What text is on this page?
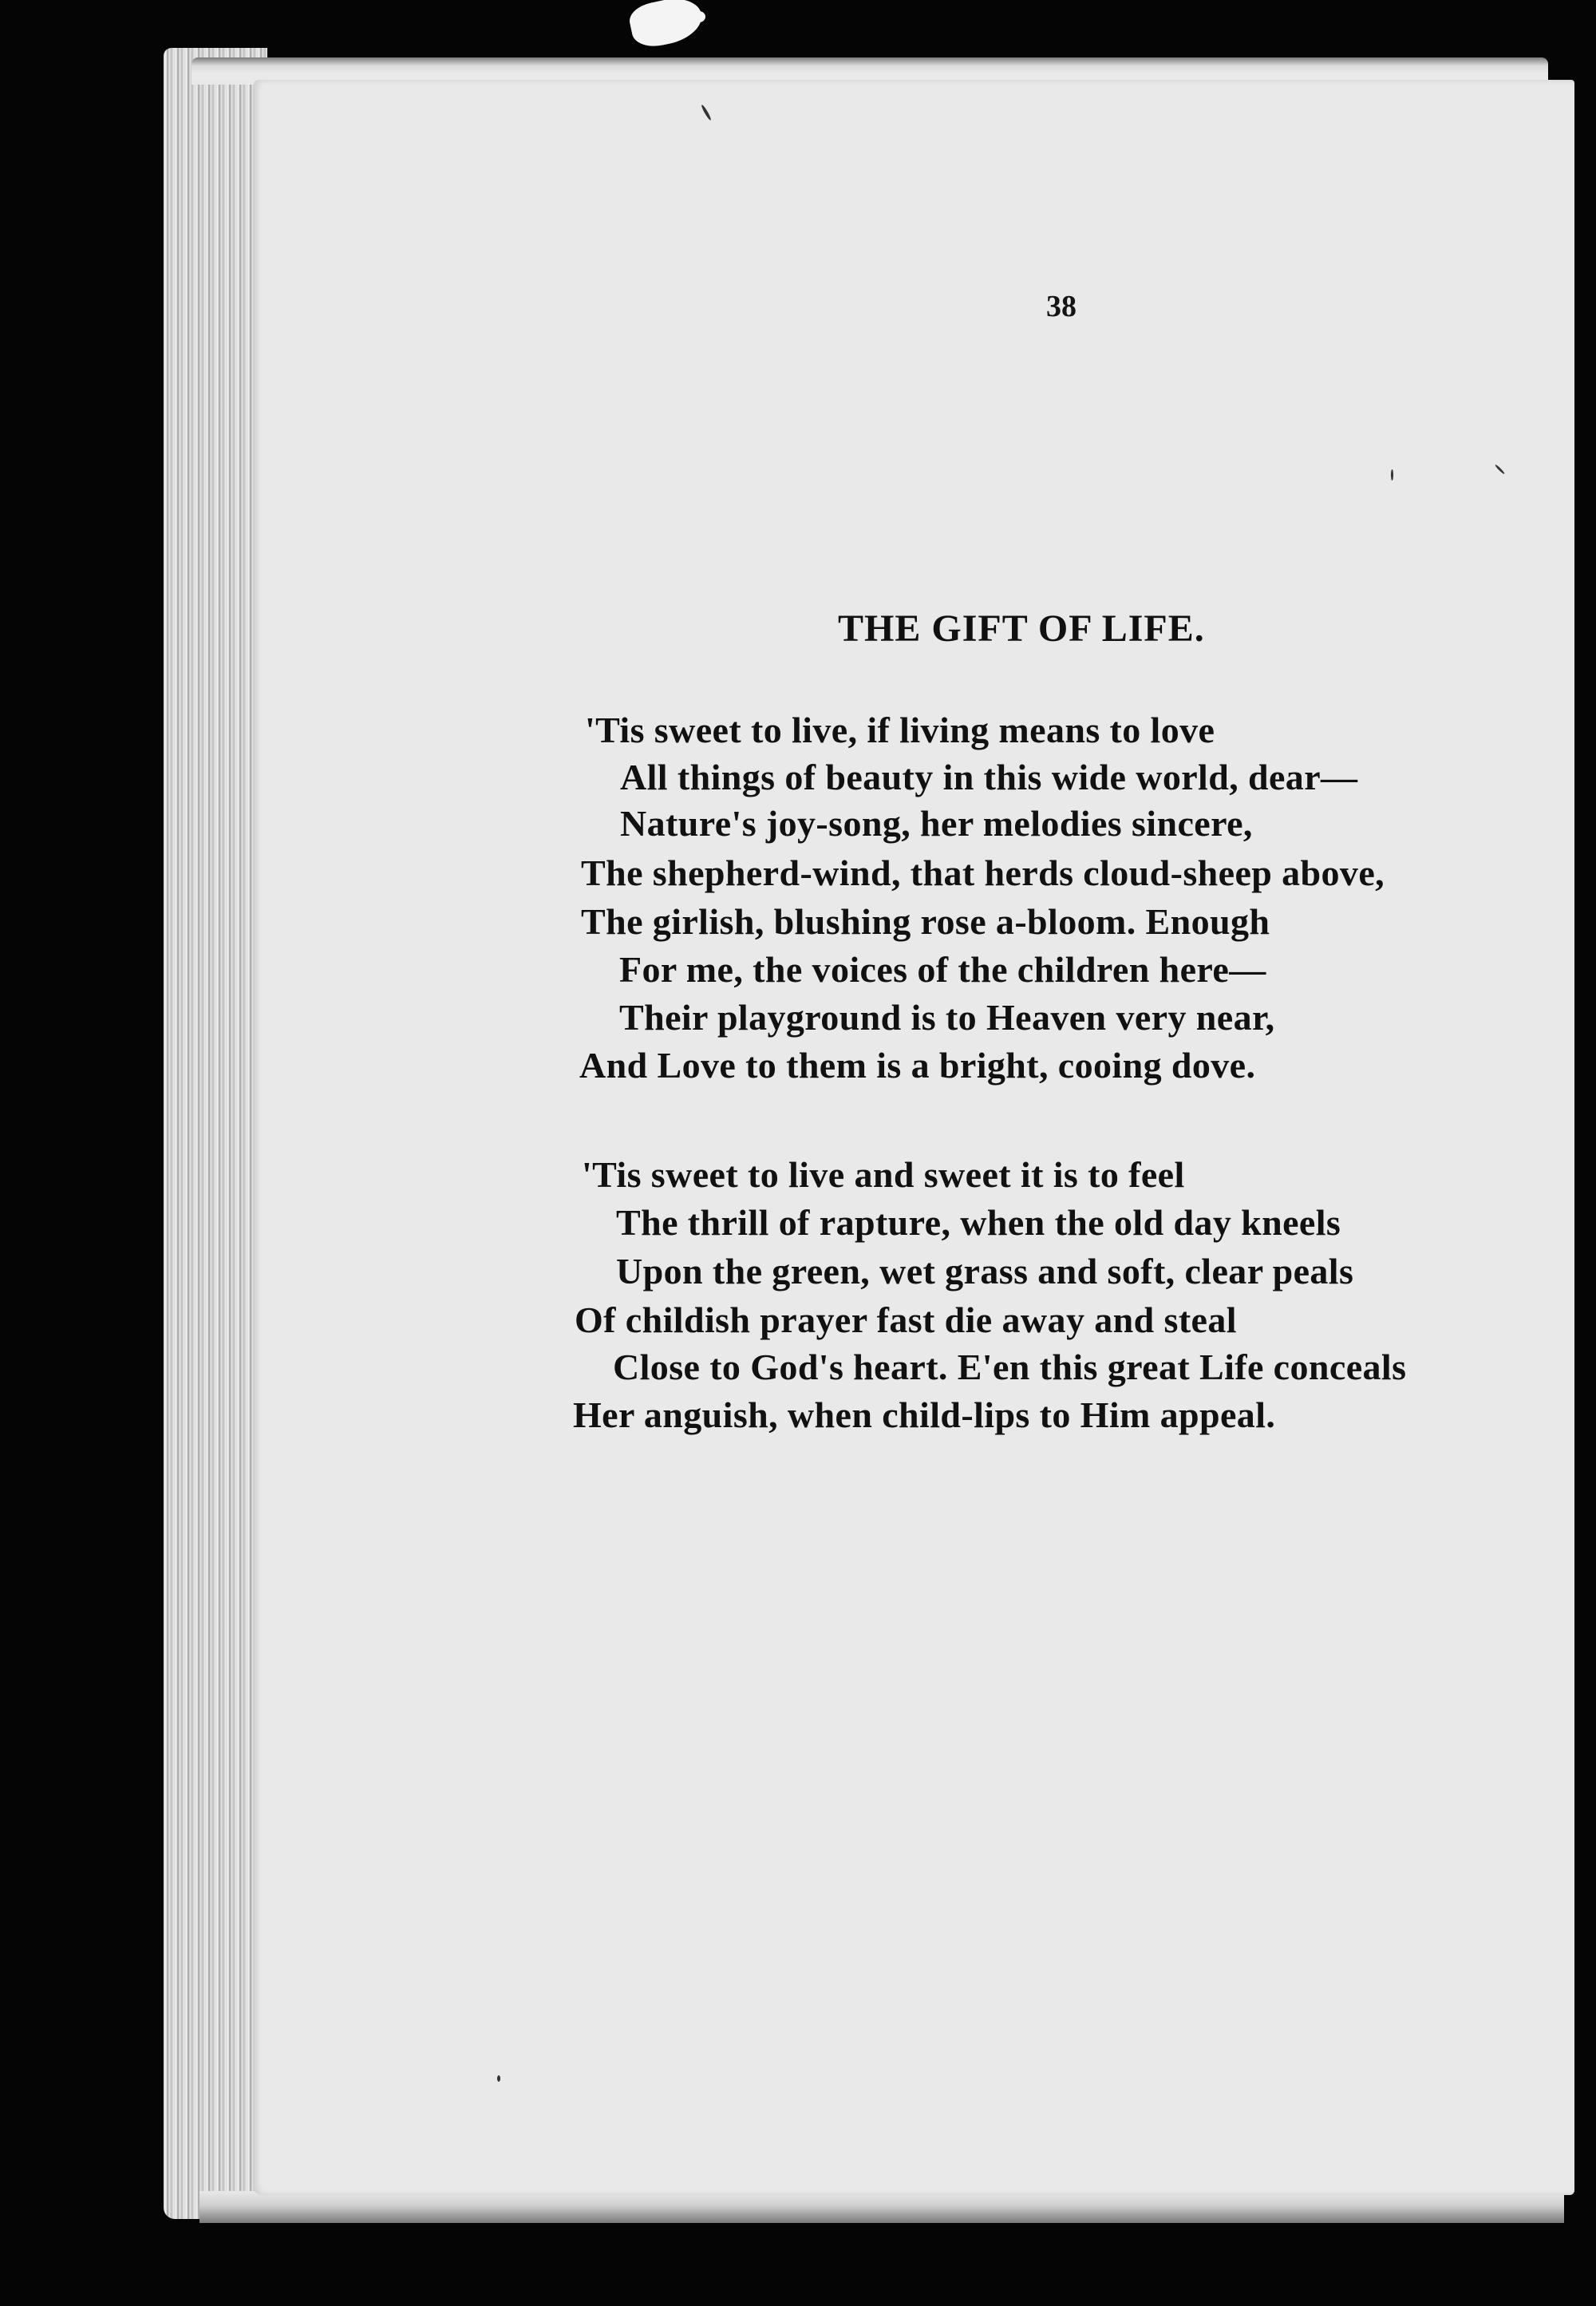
38
THE GIFT OF LIFE.
'Tis sweet to live, if living means to love
All things of beauty in this wide world, dear—
Nature's joy-song, her melodies sincere,
The shepherd-wind, that herds cloud-sheep above,
The girlish, blushing rose a-bloom. Enough
For me, the voices of the children here—
Their playground is to Heaven very near,
And Love to them is a bright, cooing dove.
'Tis sweet to live and sweet it is to feel
The thrill of rapture, when the old day kneels
Upon the green, wet grass and soft, clear peals
Of childish prayer fast die away and steal
Close to God's heart. E'en this great Life conceals
Her anguish, when child-lips to Him appeal.
